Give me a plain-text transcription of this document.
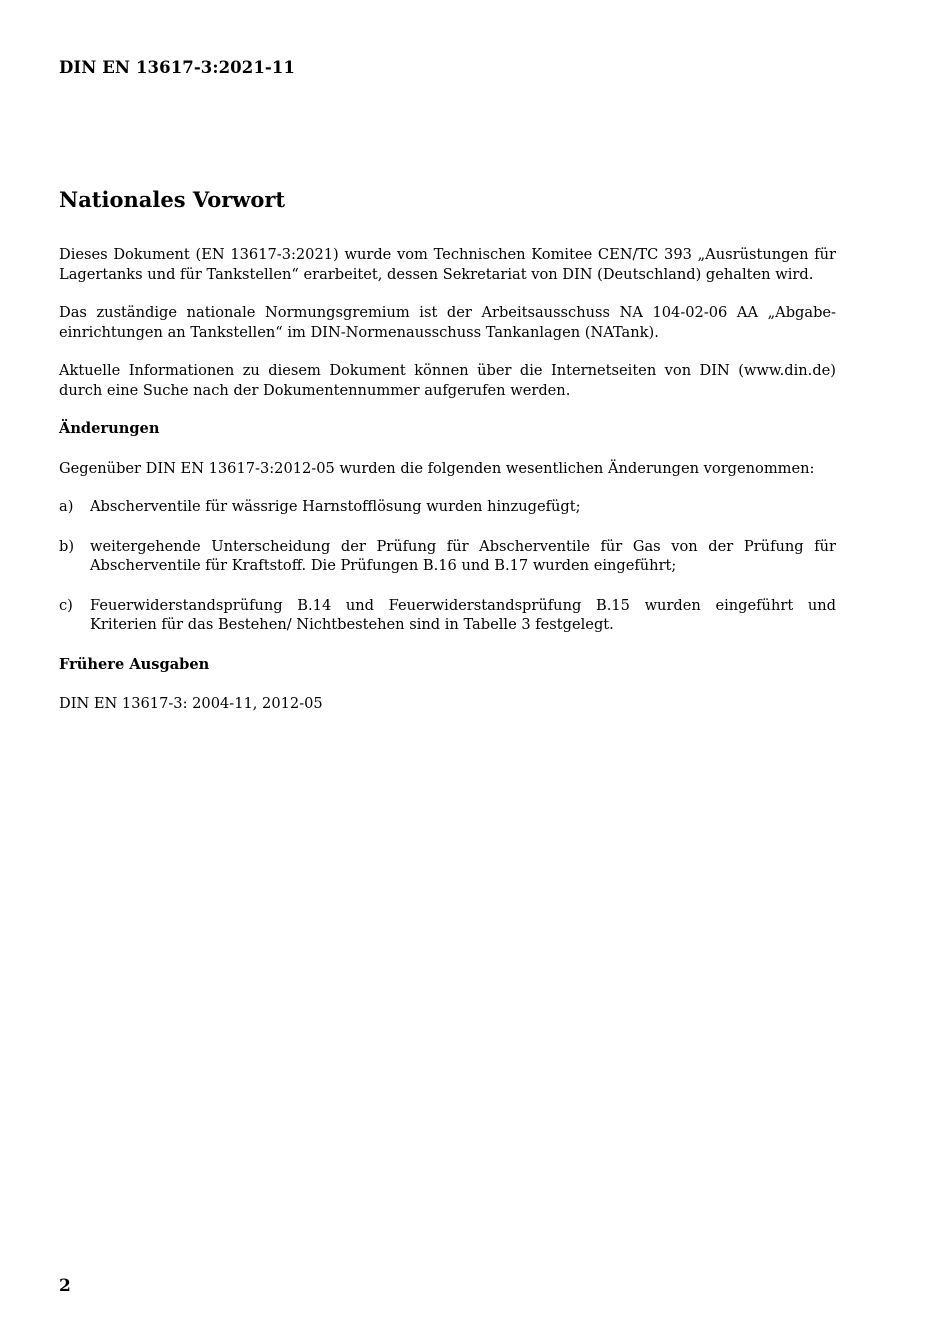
DIN EN 13617-3:2021-11
Nationales Vorwort

Dieses Dokument (EN 13617-3:2021) wurde vom Technischen Komitee CEN/TC 393 „Ausrüstungen für Lagertanks und für Tankstellen“ erarbeitet, dessen Sekretariat von DIN (Deutschland) gehalten wird.

Das zuständige nationale Normungsgremium ist der Arbeitsausschuss NA 104-02-06 AA „Abgabe-einrichtungen an Tankstellen“ im DIN-Normenausschuss Tankanlagen (NATank).

Aktuelle Informationen zu diesem Dokument können über die Internetseiten von DIN (www.din.de) durch eine Suche nach der Dokumentennummer aufgerufen werden.

Änderungen

Gegenüber DIN EN 13617-3:2012-05 wurden die folgenden wesentlichen Änderungen vorgenommen:

a)	Abscherventile für wässrige Harnstofflösung wurden hinzugefügt;
b)	weitergehende Unterscheidung der Prüfung für Abscherventile für Gas von der Prüfung für Abscherventile für Kraftstoff. Die Prüfungen B.16 und B.17 wurden eingeführt;
c)	Feuerwiderstandsprüfung B.14 und Feuerwiderstandsprüfung B.15 wurden eingeführt und Kriterien für das Bestehen/ Nichtbestehen sind in Tabelle 3 festgelegt.
Frühere Ausgaben

DIN EN 13617-3: 2004-11, 2012-05

2
